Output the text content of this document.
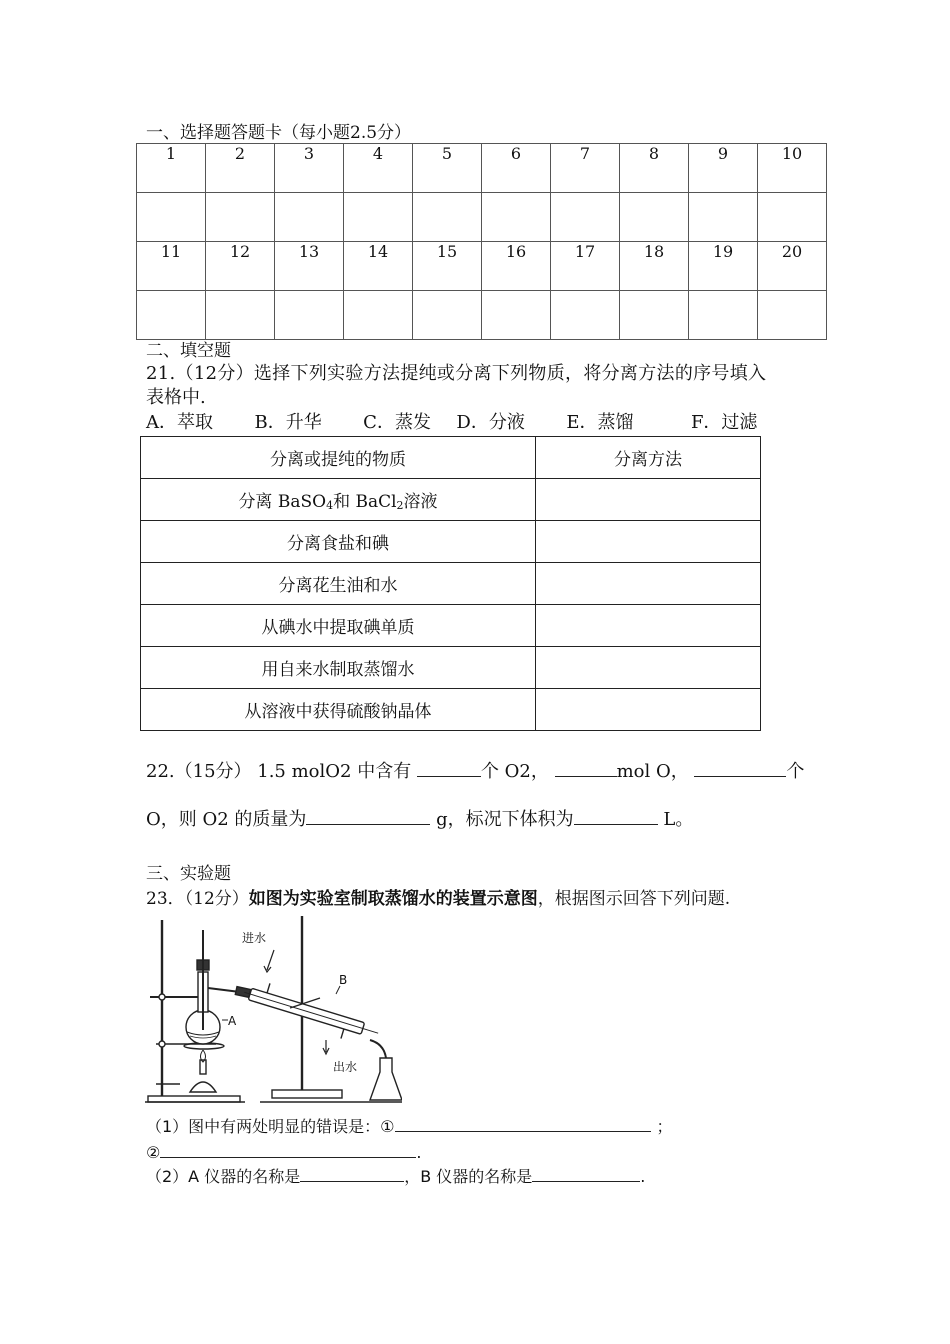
一、选择题答题卡（每小题2.5分）
1	2	3	4	5	6	7	8	9	10

11	12	13	14	15	16	17	18	19	20

二、填空题
21.（12分）选择下列实验方法提纯或分离下列物质，将分离方法的序号填入
表格中.
A．萃取 B．升华 C．蒸发 D．分液 E．蒸馏	F．过滤
分离或提纯的物质	分离方法
分离 BaSO$_4$和 BaCl$_2$溶液	
分离食盐和碘	
分离花生油和水	
从碘水中提取碘单质	
用自来水制取蒸馏水	
从溶液中获得硫酸钠晶体	
22.（15分） 1.5 molO2 中含有	个 O2，	mol O，	个
O，则 O2 的质量为	g，标况下体积为	L。
三、实验题
23．（12分）如图为实验室制取蒸馏水的装置示意图，根据图示回答下列问题.
进水
出水
A
B
（1）图中有两处明显的错误是：①	；
②	.
（2）A 仪器的名称是	，B 仪器的名称是	.
